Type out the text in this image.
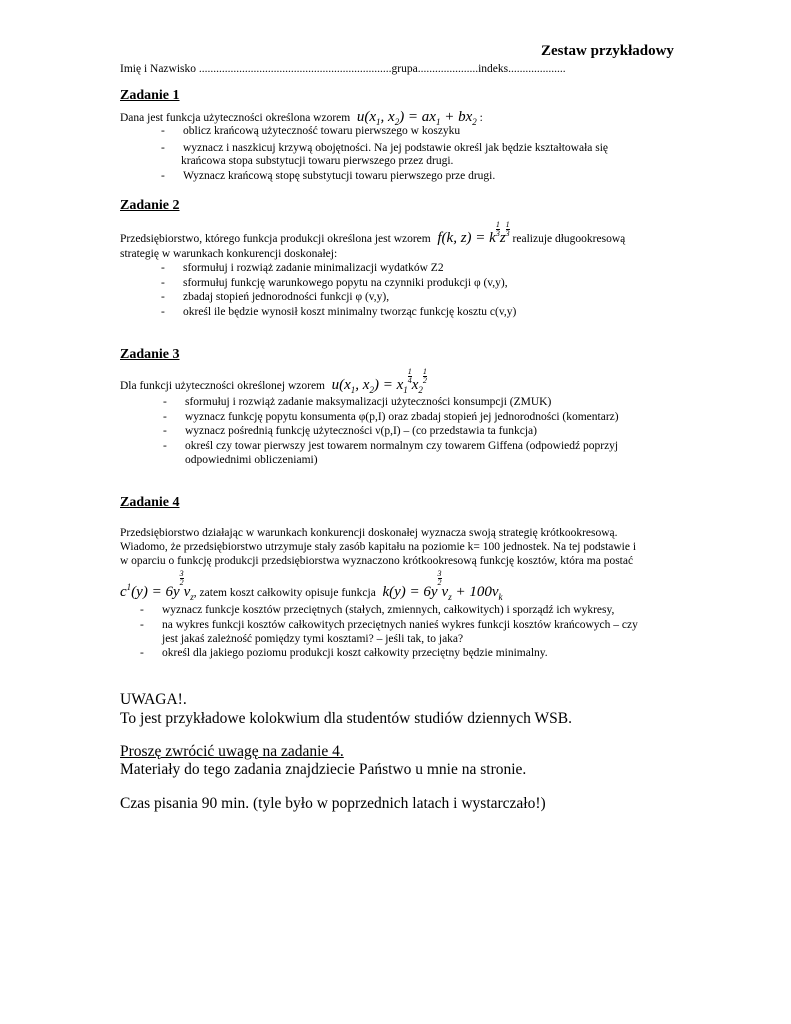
Zestaw przykładowy
Imię i Nazwisko ...................................................................grupa.....................indeks....................
Zadanie 1
Dana jest funkcja użyteczności określona wzorem  $u(x_1$, $x_2) = ax_1 + bx_2$ :
- oblicz krańcową użyteczność towaru pierwszego w koszyku
- wyznacz i naszkicuj krzywą obojętności. Na jej podstawie określ jak będzie kształtowała się
krańcowa stopa substytucji towaru pierwszego przez drugi.
- Wyznacz krańcową stopę substytucji towaru pierwszego prze drugi.
Zadanie 2
Przedsiębiorstwo, którego funkcja produkcji określona jest wzorem  f(k, z) = k $\frac{1}{3}$ z $\frac{1}{3}$
realizuje długookresową
strategię w warunkach konkurencji doskonałej:
- sformułuj i rozwiąż zadanie minimalizacji wydatków Z2
- sformułuj funkcję warunkowego popytu na czynniki produkcji φ (v,y),
- zbadaj stopień jednorodności funkcji φ (v,y),
- określ ile będzie wynosił koszt minimalny tworząc funkcję kosztu c(v,y)
Zadanie 3
Dla funkcji użyteczności określonej wzorem  $u(x_1$, $x_2) = x_1$
$\frac{1}{4} x_2$
$\frac{1}{2}$
- sformułuj i rozwiąż zadanie maksymalizacji użyteczności konsumpcji (ZMUK)
- wyznacz funkcję popytu konsumenta φ(p,I) oraz zbadaj stopień jej jednorodności (komentarz)
- wyznacz pośrednią funkcję użyteczności ν(p,I) – (co przedstawia ta funkcja)
- określ czy towar pierwszy jest towarem normalnym czy towarem Giffena (odpowiedź poprzyj
odpowiednimi obliczeniami)
Zadanie 4
Przedsiębiorstwo działając w warunkach konkurencji doskonałej wyznacza swoją strategię krótkookresową.
Wiadomo, że przedsiębiorstwo utrzymuje stały zasób kapitału na poziomie k= 100 jednostek. Na tej podstawie i
w oparciu o funkcję produkcji przedsiębiorstwa wyznaczono krótkookresową funkcję kosztów, która ma postać
$c^1(y) = 6y$
$\frac{3}{2}$
$v_z$, zatem koszt całkowity opisuje funkcja  k(y) = 6y
$\frac{3}{2}$
$v_z + 100v_k$
- wyznacz funkcje kosztów przeciętnych (stałych, zmiennych, całkowitych) i sporządź ich wykresy,
- na wykres funkcji kosztów całkowitych przeciętnych nanieś wykres funkcji kosztów krańcowych – czy
jest jakaś zależność pomiędzy tymi kosztami? – jeśli tak, to jaka?
- określ dla jakiego poziomu produkcji koszt całkowity przeciętny będzie minimalny.
UWAGA!.
To jest przykładowe kolokwium dla studentów studiów dziennych WSB.
Proszę zwrócić uwagę na zadanie 4.
Materiały do tego zadania znajdziecie Państwo u mnie na stronie.
Czas pisania 90 min. (tyle było w poprzednich latach i wystarczało!)
